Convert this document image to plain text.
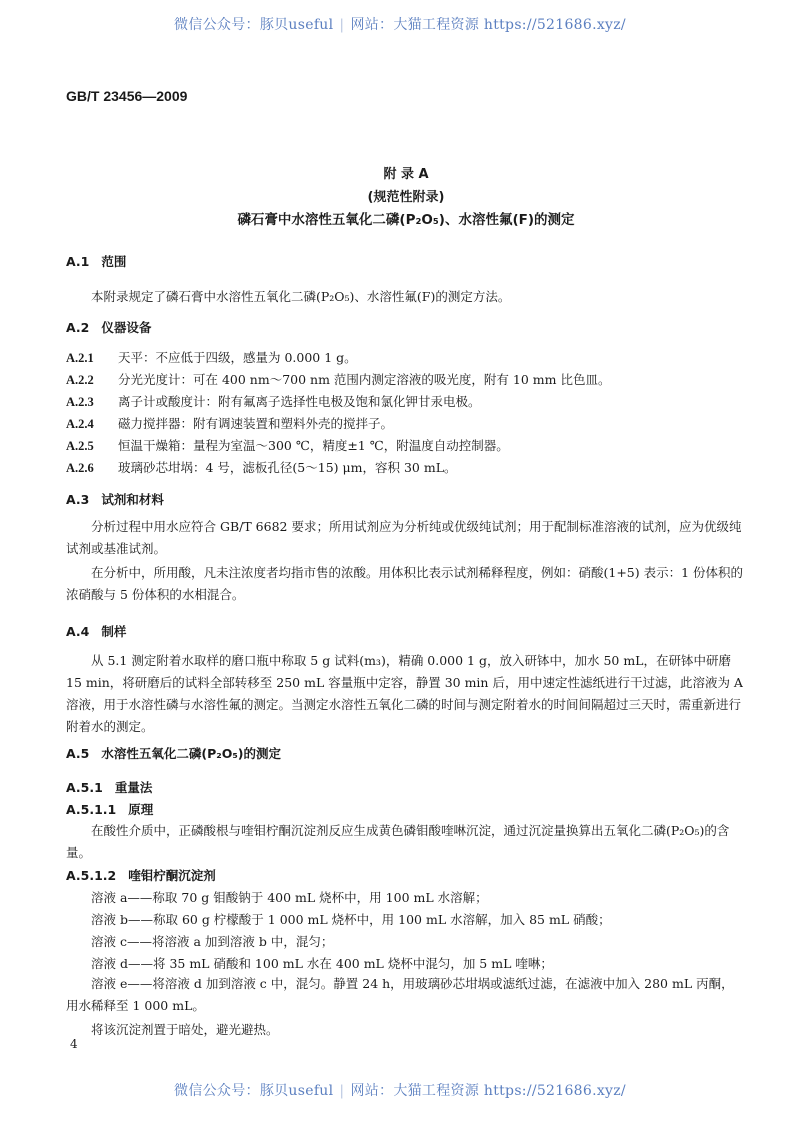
微信公众号：豚贝useful | 网站：大猫工程资源 https://521686.xyz/
GB/T 23456—2009
附 录 A
(规范性附录)
磷石膏中水溶性五氧化二磷(P₂O₅)、水溶性氟(F)的测定
A.1 范围
本附录规定了磷石膏中水溶性五氧化二磷(P₂O₅)、水溶性氟(F)的测定方法。
A.2 仪器设备
A.2.1 天平：不应低于四级，感量为 0.000 1 g。
A.2.2 分光光度计：可在 400 nm～700 nm 范围内测定溶液的吸光度，附有 10 mm 比色皿。
A.2.3 离子计或酸度计：附有氟离子选择性电极及饱和氯化钾甘汞电极。
A.2.4 磁力搅拌器：附有调速装置和塑料外壳的搅拌子。
A.2.5 恒温干燥箱：量程为室温～300 ℃，精度±1 ℃，附温度自动控制器。
A.2.6 玻璃砂芯坩埚：4 号，滤板孔径(5～15) μm，容积 30 mL。
A.3 试剂和材料
分析过程中用水应符合 GB/T 6682 要求；所用试剂应为分析纯或优级纯试剂；用于配制标准溶液的试剂，应为优级纯试剂或基准试剂。
在分析中，所用酸，凡未注浓度者均指市售的浓酸。用体积比表示试剂稀释程度，例如：硝酸(1+5) 表示：1 份体积的浓硝酸与 5 份体积的水相混合。
A.4 制样
从 5.1 测定附着水取样的磨口瓶中称取 5 g 试料(m₃)，精确 0.000 1 g，放入研钵中，加水 50 mL，在研钵中研磨 15 min，将研磨后的试料全部转移至 250 mL 容量瓶中定容，静置 30 min 后，用中速定性滤纸进行干过滤，此溶液为 A 溶液，用于水溶性磷与水溶性氟的测定。当测定水溶性五氧化二磷的时间与测定附着水的时间间隔超过三天时，需重新进行附着水的测定。
A.5 水溶性五氧化二磷(P₂O₅)的测定
A.5.1 重量法
A.5.1.1 原理
在酸性介质中，正磷酸根与喹钼柠酮沉淀剂反应生成黄色磷钼酸喹啉沉淀，通过沉淀量换算出五氧化二磷(P₂O₅)的含量。
A.5.1.2 喹钼柠酮沉淀剂
溶液 a——称取 70 g 钼酸钠于 400 mL 烧杯中，用 100 mL 水溶解；
溶液 b——称取 60 g 柠檬酸于 1 000 mL 烧杯中，用 100 mL 水溶解，加入 85 mL 硝酸；
溶液 c——将溶液 a 加到溶液 b 中，混匀；
溶液 d——将 35 mL 硝酸和 100 mL 水在 400 mL 烧杯中混匀，加 5 mL 喹啉；
溶液 e——将溶液 d 加到溶液 c 中，混匀。静置 24 h，用玻璃砂芯坩埚或滤纸过滤，在滤液中加入 280 mL 丙酮，用水稀释至 1 000 mL。
将该沉淀剂置于暗处，避光避热。
4
微信公众号：豚贝useful | 网站：大猫工程资源 https://521686.xyz/
